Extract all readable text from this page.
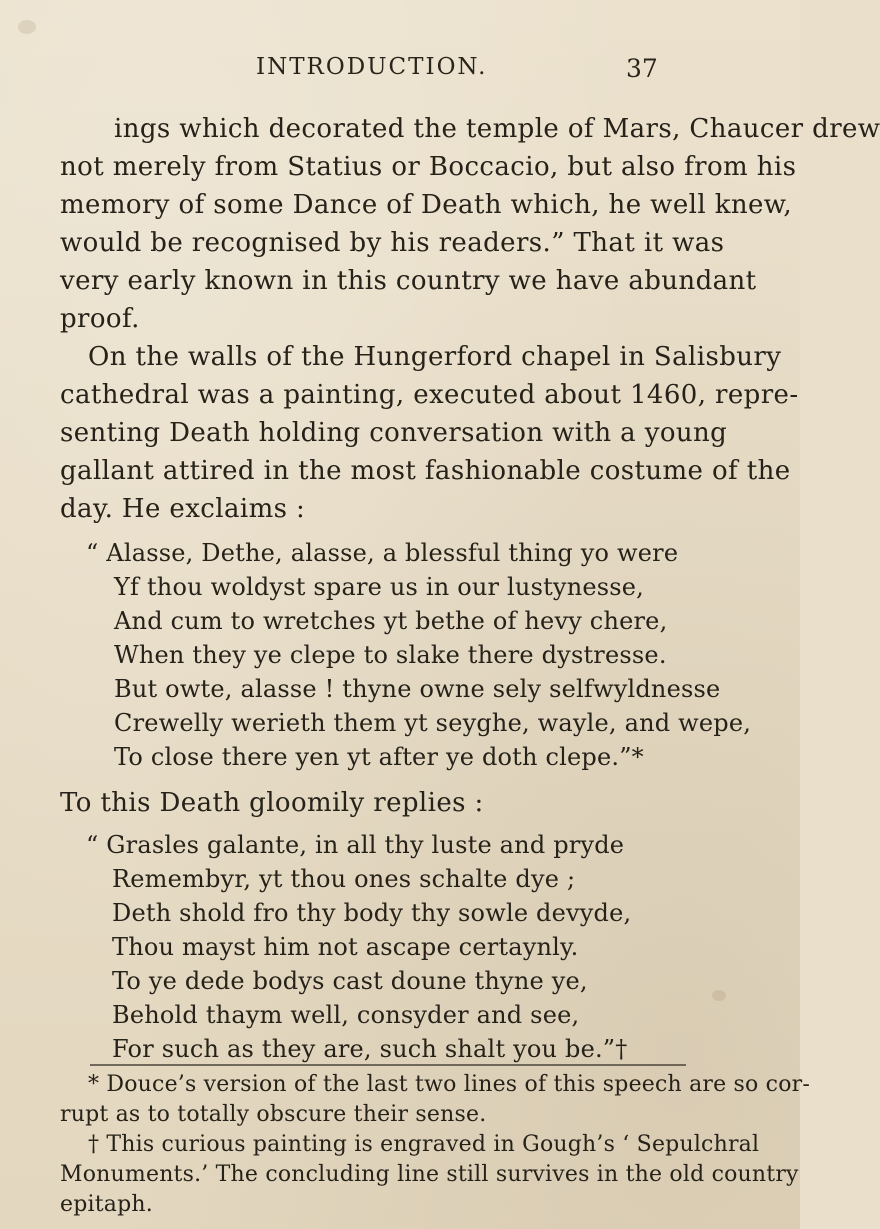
INTRODUCTION.	37
ings which decorated the temple of Mars, Chaucer drew
not merely from Statius or Boccacio, but also from his
memory of some Dance of Death which, he well knew,
would be recognised by his readers.” That it was
very early known in this country we have abundant
proof.
On the walls of the Hungerford chapel in Salisbury
cathedral was a painting, executed about 1460, repre-
senting Death holding conversation with a young
gallant attired in the most fashionable costume of the
day. He exclaims :
“ Alasse, Dethe, alasse, a blessful thing yo were
Yf thou woldyst spare us in our lustynesse,
And cum to wretches yt bethe of hevy chere,
When they ye clepe to slake there dystresse.
But owte, alasse ! thyne owne sely selfwyldnesse
Crewelly werieth them yt seyghe, wayle, and wepe,
To close there yen yt after ye doth clepe.”*
To this Death gloomily replies :
“ Grasles galante, in all thy luste and pryde
Remembyr, yt thou ones schalte dye ;
Deth shold fro thy body thy sowle devyde,
Thou mayst him not ascape certaynly.
To ye dede bodys cast doune thyne ye,
Behold thaym well, consyder and see,
For such as they are, such shalt you be.”†
* Douce’s version of the last two lines of this speech are so cor-
rupt as to totally obscure their sense.
† This curious painting is engraved in Gough’s ‘ Sepulchral
Monuments.’ The concluding line still survives in the old country
epitaph.
